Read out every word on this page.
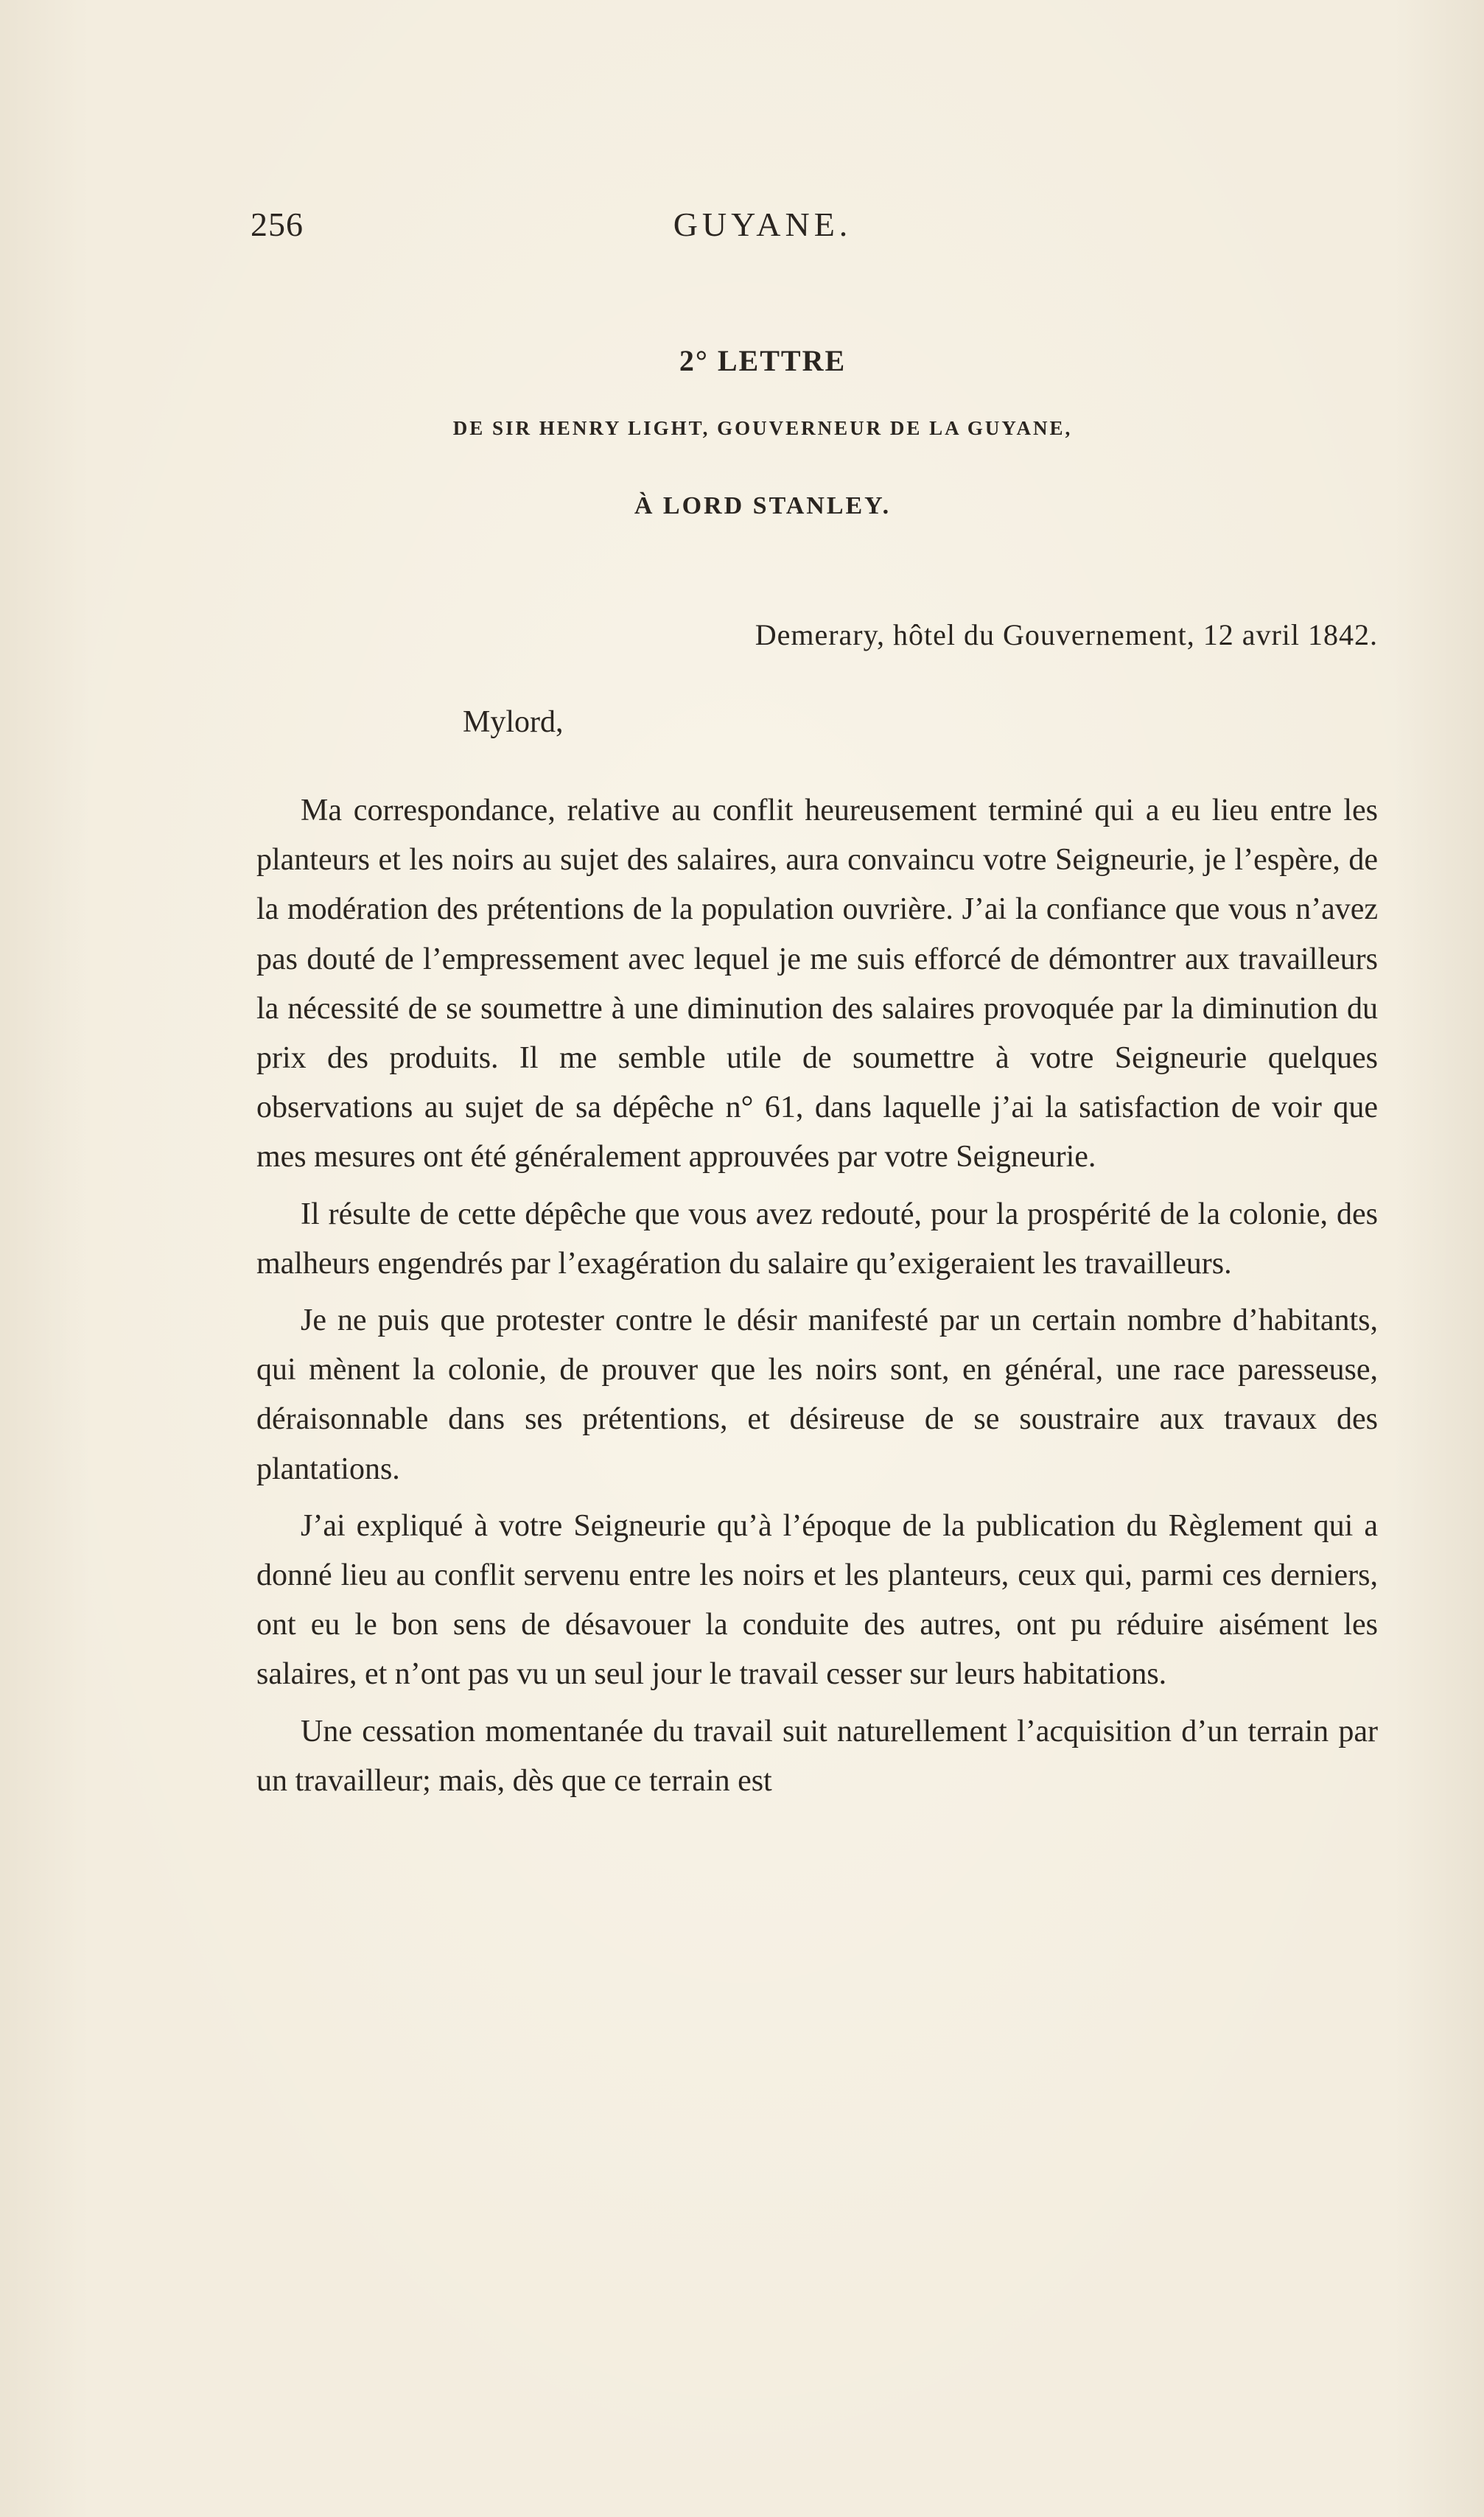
256	GUYANE.
2° LETTRE
DE SIR HENRY LIGHT, GOUVERNEUR DE LA GUYANE,
À LORD STANLEY.
Demerary, hôtel du Gouvernement, 12 avril 1842.
Mylord,

Ma correspondance, relative au conflit heureusement terminé qui a eu lieu entre les planteurs et les noirs au sujet des salaires, aura convaincu votre Seigneurie, je l’espère, de la modération des prétentions de la population ouvrière. J’ai la confiance que vous n’avez pas douté de l’empressement avec lequel je me suis efforcé de démontrer aux travailleurs la nécessité de se soumettre à une diminution des salaires provoquée par la diminution du prix des produits. Il me semble utile de soumettre à votre Seigneurie quelques observations au sujet de sa dépêche n° 61, dans laquelle j’ai la satisfaction de voir que mes mesures ont été généralement approuvées par votre Seigneurie.

Il résulte de cette dépêche que vous avez redouté, pour la prospérité de la colonie, des malheurs engendrés par l’exagération du salaire qu’exigeraient les travailleurs.

Je ne puis que protester contre le désir manifesté par un certain nombre d’habitants, qui mènent la colonie, de prouver que les noirs sont, en général, une race paresseuse, déraisonnable dans ses prétentions, et désireuse de se soustraire aux travaux des plantations.

J’ai expliqué à votre Seigneurie qu’à l’époque de la publication du Règlement qui a donné lieu au conflit servenu entre les noirs et les planteurs, ceux qui, parmi ces derniers, ont eu le bon sens de désavouer la conduite des autres, ont pu réduire aisément les salaires, et n’ont pas vu un seul jour le travail cesser sur leurs habitations.

Une cessation momentanée du travail suit naturellement l’acquisition d’un terrain par un travailleur; mais, dès que ce terrain est
